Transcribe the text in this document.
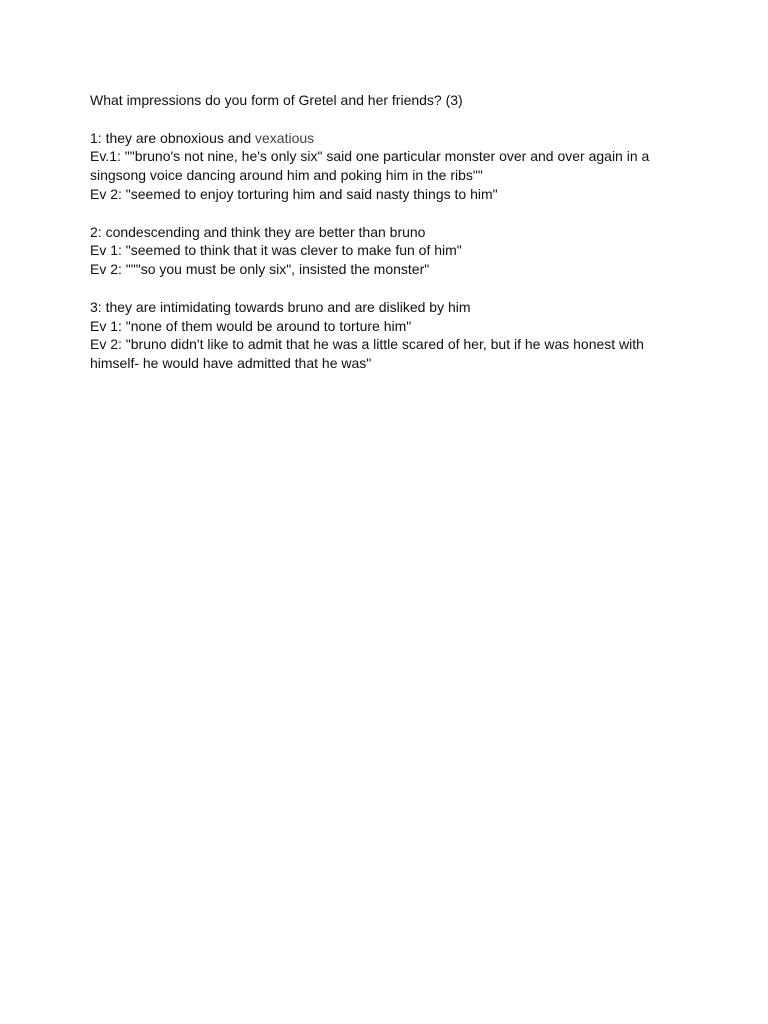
What impressions do you form of Gretel and her friends? (3)
1: they are obnoxious and vexatious
Ev.1: ""bruno's not nine, he's only six" said one particular monster over and over again in a singsong voice dancing around him and poking him in the ribs""
Ev 2: "seemed to enjoy torturing him and said nasty things to him"
2: condescending and think they are better than bruno
Ev 1: "seemed to think that it was clever to make fun of him"
Ev 2: """so you must be only six", insisted the monster"
3: they are intimidating towards bruno and are disliked by him
Ev 1: "none of them would be around to torture him"
Ev 2: "bruno didn't like to admit that he was a little scared of her, but if he was honest with himself- he would have admitted that he was"
